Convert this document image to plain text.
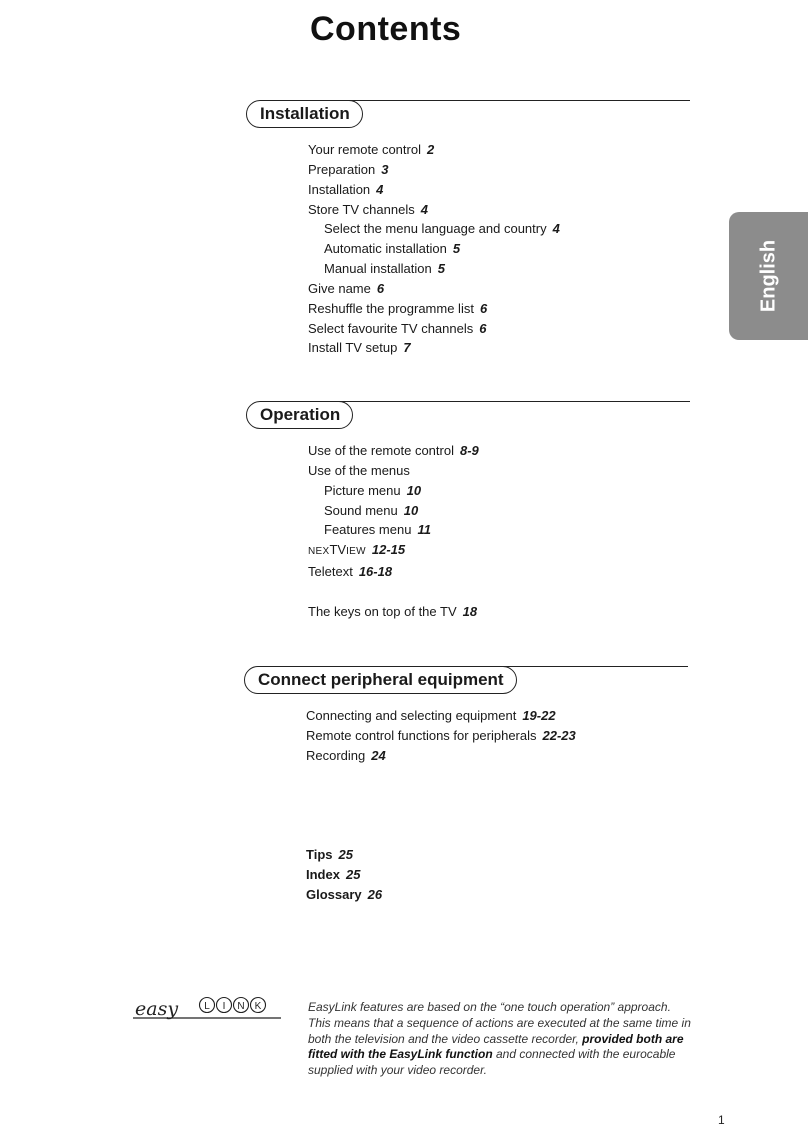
Contents
English
Installation
Your remote control 2
Preparation 3
Installation 4
Store TV channels 4
Select the menu language and country 4
Automatic installation 5
Manual installation 5
Give name 6
Reshuffle the programme list 6
Select favourite TV channels 6
Install TV setup 7
Operation
Use of the remote control 8-9
Use of the menus
Picture menu 10
Sound menu 10
Features menu 11
NEXTVIEW 12-15
Teletext 16-18
The keys on top of the TV 18
Connect peripheral equipment
Connecting and selecting equipment 19-22
Remote control functions for peripherals 22-23
Recording 24
Tips 25
Index 25
Glossary 26
easy	L I N K	EasyLink features are based on the “one touch operation” approach. This means that a sequence of actions are executed at the same time in both the television and the video cassette recorder, provided both are fitted with the EasyLink function and connected with the eurocable supplied with your video recorder.
1
